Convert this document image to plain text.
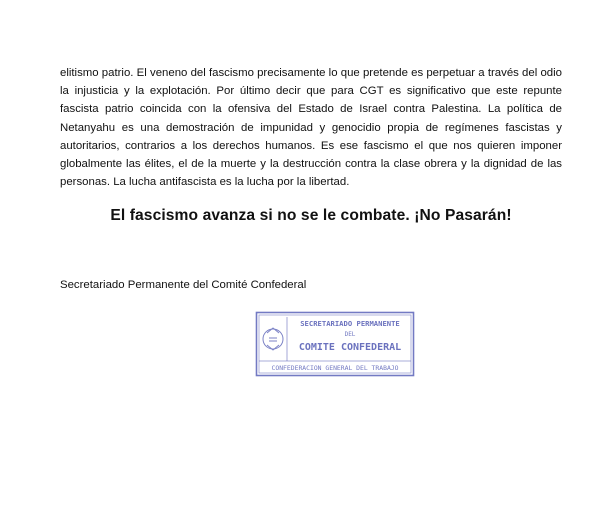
elitismo patrio. El veneno del fascismo precisamente lo que pretende es perpetuar a través del odio la injusticia y la explotación. Por último decir que para CGT es significativo que este repunte fascista patrio coincida con la ofensiva del Estado de Israel contra Palestina. La política de Netanyahu es una demostración de impunidad y genocidio propia de regímenes fascistas y autoritarios, contrarios a los derechos humanos. Es ese fascismo el que nos quieren imponer globalmente las élites, el de la muerte y la destrucción contra la clase obrera y la dignidad de las personas. La lucha antifascista es la lucha por la libertad.

El fascismo avanza si no se le combate. ¡No Pasarán!

Secretariado Permanente del Comité Confederal

SECRETARIADO PERMANENTE
DEL
COMITE CONFEDERAL
CONFEDERACION GENERAL DEL TRABAJO
